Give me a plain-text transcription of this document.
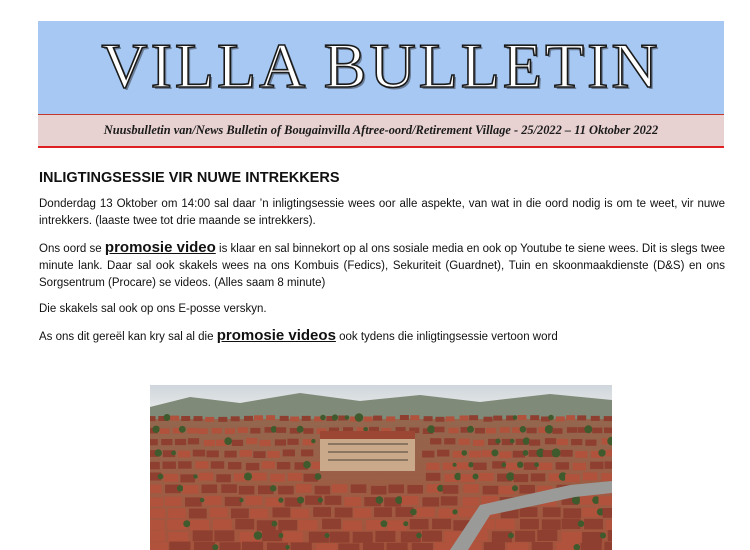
VILLA BULLETIN
Nuusbulletin van/News Bulletin of Bougainvilla Aftree-oord/Retirement Village - 25/2022 – 11 Oktober 2022
INLIGTINGSESSIE VIR NUWE INTREKKERS

Donderdag 13 Oktober om 14:00 sal daar ’n inligtingsessie wees oor alle aspekte, van wat in die oord nodig is om te weet, vir nuwe intrekkers. (laaste twee tot drie maande se intrekkers).

Ons oord se promosie video is klaar en sal binnekort op al ons sosiale media en ook op Youtube te siene wees. Dit is slegs twee minute lank. Daar sal ook skakels wees na ons Kombuis (Fedics), Sekuriteit (Guardnet), Tuin en skoonmaakdienste (D&S) en ons Sorgsentrum (Procare) se videos. (Alles saam 8 minute)

Die skakels sal ook op ons E-posse verskyn.

As ons dit gereël kan kry sal al die promosie videos ook tydens die inligtingsessie vertoon word
